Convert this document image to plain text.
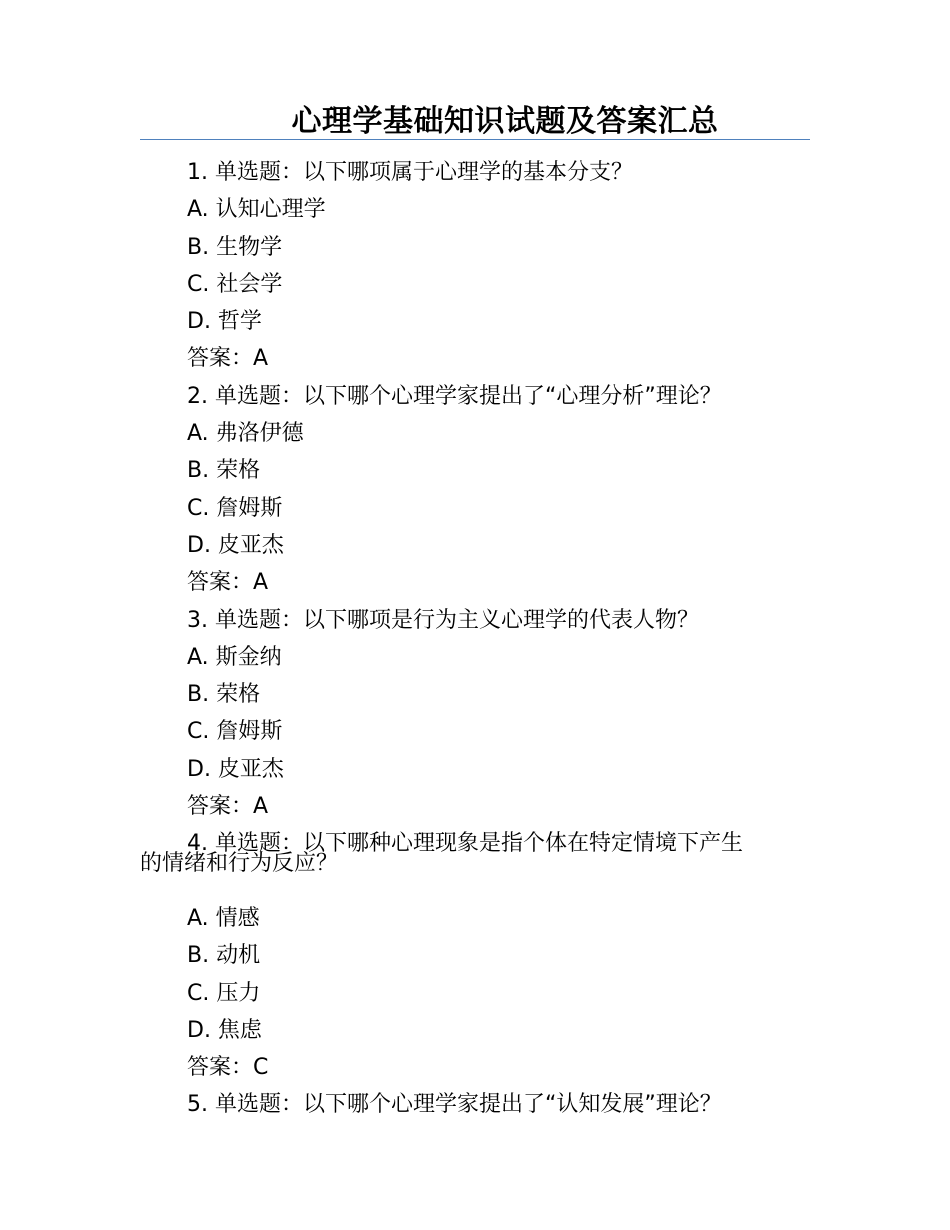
心理学基础知识试题及答案汇总
1. 单选题：以下哪项属于心理学的基本分支？
A. 认知心理学
B. 生物学
C. 社会学
D. 哲学
答案：A
2. 单选题：以下哪个心理学家提出了“心理分析”理论？
A. 弗洛伊德
B. 荣格
C. 詹姆斯
D. 皮亚杰
答案：A
3. 单选题：以下哪项是行为主义心理学的代表人物？
A. 斯金纳
B. 荣格
C. 詹姆斯
D. 皮亚杰
答案：A
4. 单选题：以下哪种心理现象是指个体在特定情境下产生
的情绪和行为反应？
A. 情感
B. 动机
C. 压力
D. 焦虑
答案：C
5. 单选题：以下哪个心理学家提出了“认知发展”理论？
